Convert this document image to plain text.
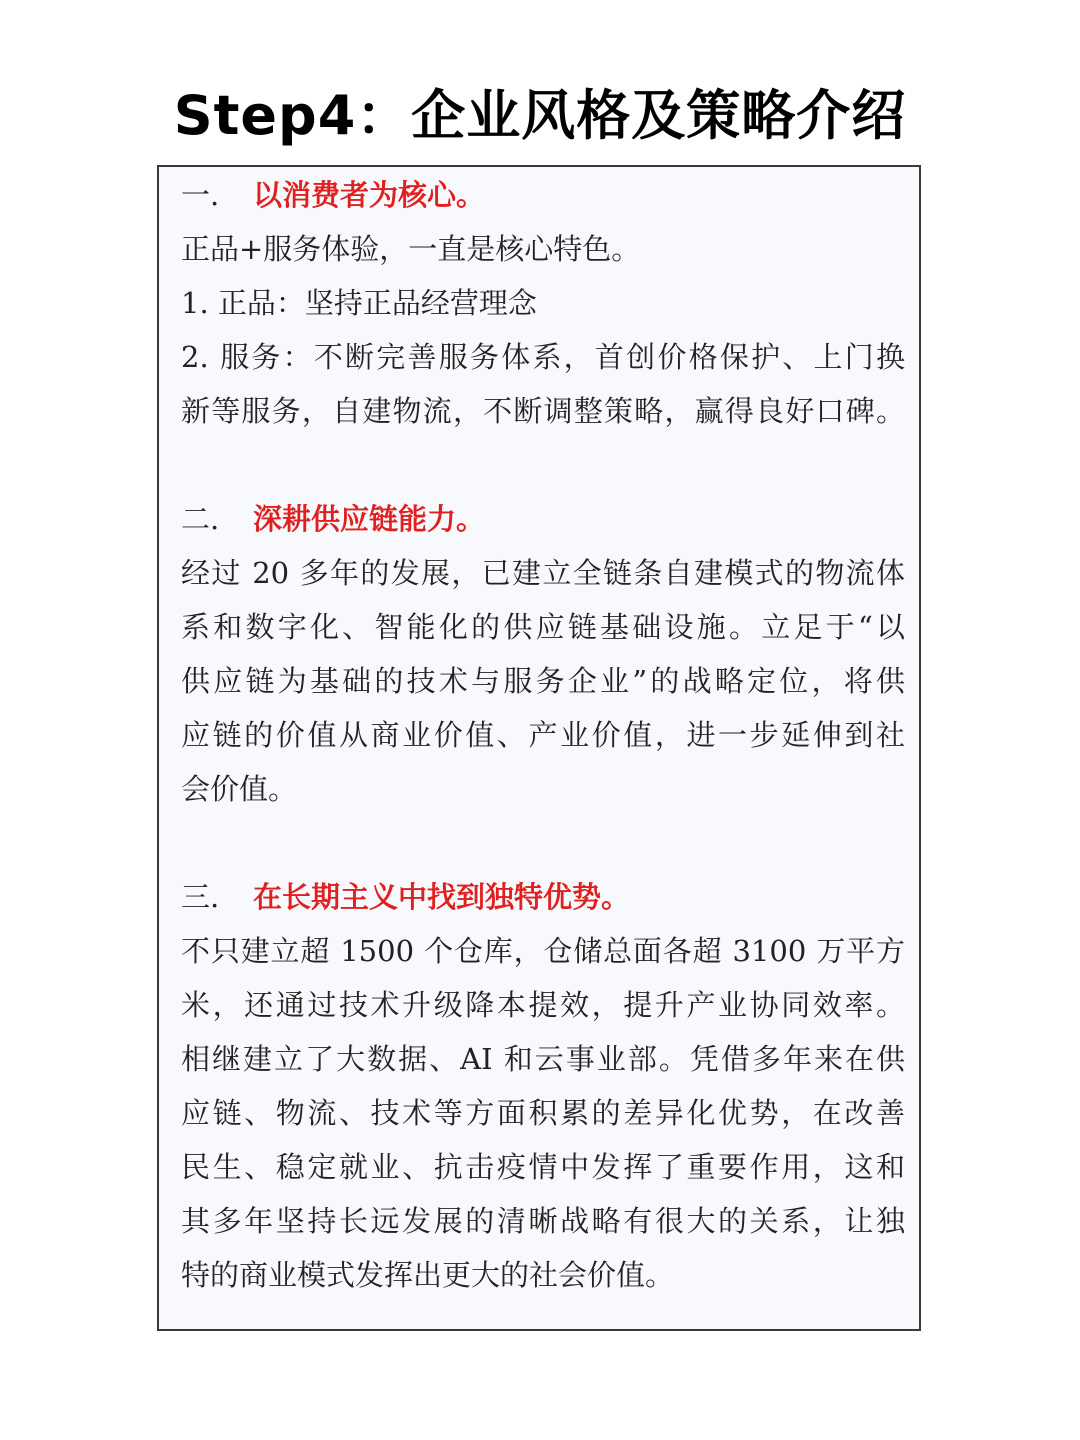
Step4：企业风格及策略介绍
一. 以消费者为核心。
正品+服务体验，一直是核心特色。
1. 正品：坚持正品经营理念
2. 服务：不断完善服务体系，首创价格保护、上门换
新等服务，自建物流，不断调整策略，赢得良好口碑。
二. 深耕供应链能力。
经过 20 多年的发展，已建立全链条自建模式的物流体
系和数字化、智能化的供应链基础设施。立足于“以
供应链为基础的技术与服务企业”的战略定位，将供
应链的价值从商业价值、产业价值，进一步延伸到社
会价值。
三. 在长期主义中找到独特优势。
不只建立超 1500 个仓库，仓储总面各超 3100 万平方
米，还通过技术升级降本提效，提升产业协同效率。
相继建立了大数据、AI 和云事业部。凭借多年来在供
应链、物流、技术等方面积累的差异化优势，在改善
民生、稳定就业、抗击疫情中发挥了重要作用，这和
其多年坚持长远发展的清晰战略有很大的关系，让独
特的商业模式发挥出更大的社会价值。
